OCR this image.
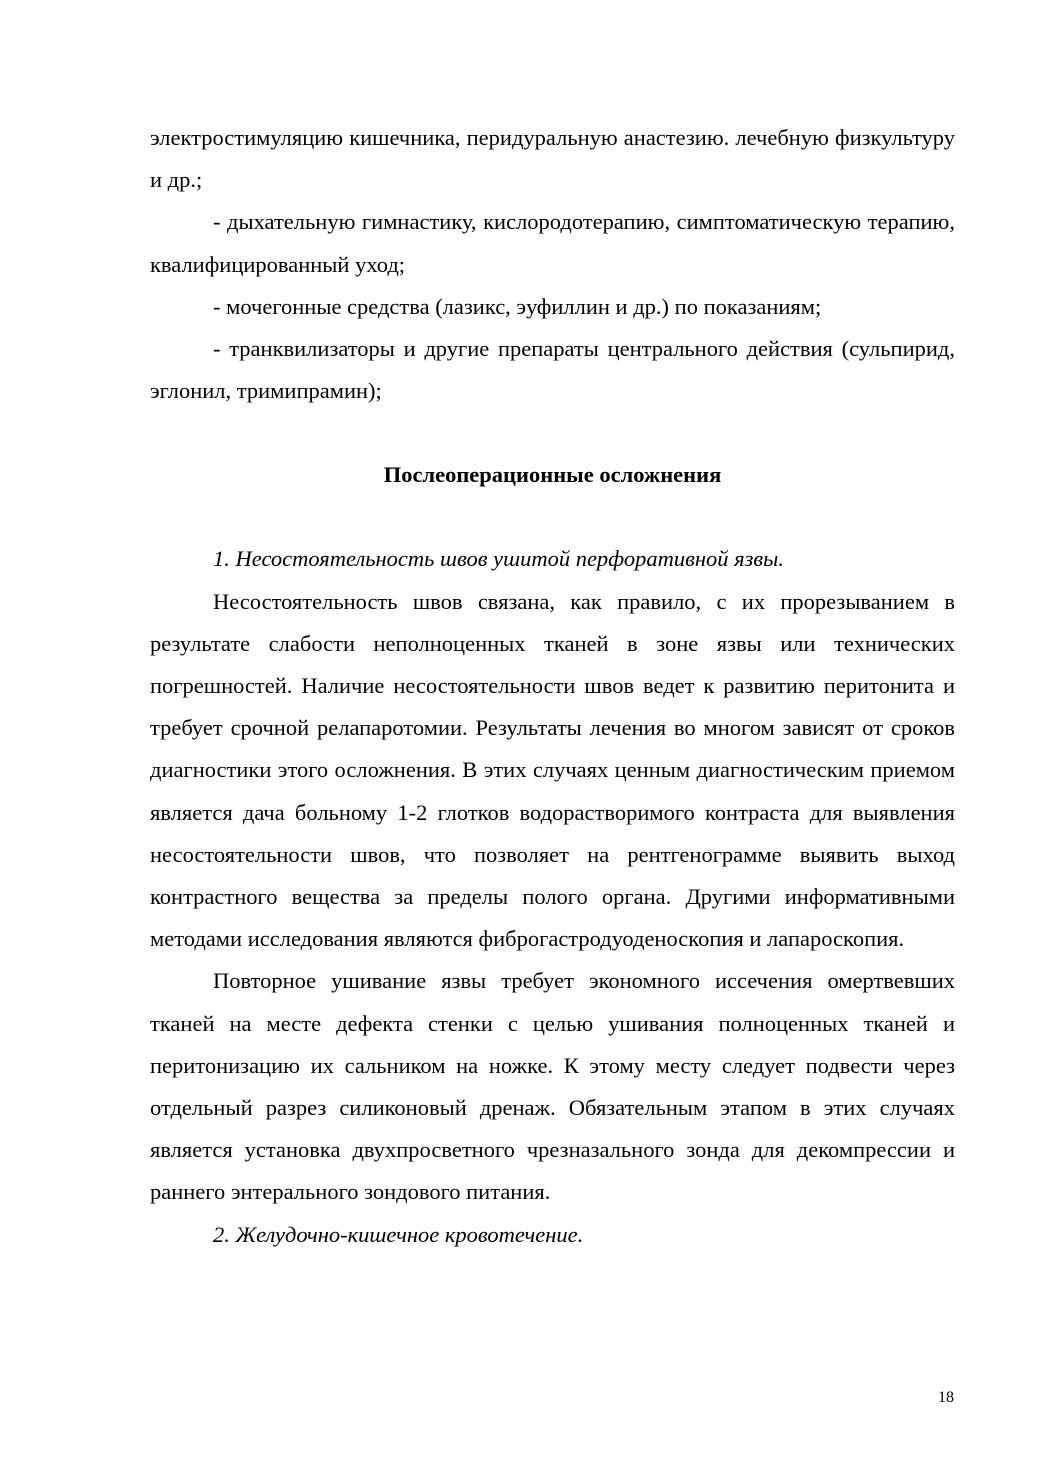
электростимуляцию кишечника, перидуральную анастезию. лечебную физкультуру и др.;

- дыхательную гимнастику, кислородотерапию, симптоматическую терапию, квалифицированный уход;

- мочегонные средства (лазикс, эуфиллин и др.) по показаниям;

- транквилизаторы и другие препараты центрального действия (сульпирид, эглонил, тримипрамин);

Послеоперационные осложнения

1. Несостоятельность швов ушитой перфоративной язвы.

Несостоятельность швов связана, как правило, с их прорезыванием в результате слабости неполноценных тканей в зоне язвы или технических погрешностей. Наличие несостоятельности швов ведет к развитию перитонита и требует срочной релапаротомии. Результаты лечения во многом зависят от сроков диагностики этого осложнения. В этих случаях ценным диагностическим приемом является дача больному 1-2 глотков водорастворимого контраста для выявления несостоятельности швов, что позволяет на рентгенограмме выявить выход контрастного вещества за пределы полого органа. Другими информативными методами исследования являются фиброгастродуоденоскопия и лапароскопия.

Повторное ушивание язвы требует экономного иссечения омертвевших тканей на месте дефекта стенки с целью ушивания полноценных тканей и перитонизацию их сальником на ножке. К этому месту следует подвести через отдельный разрез силиконовый дренаж. Обязательным этапом в этих случаях является установка двухпросветного чрезназального зонда для декомпрессии и раннего энтерального зондового питания.

2. Желудочно-кишечное кровотечение.

18
